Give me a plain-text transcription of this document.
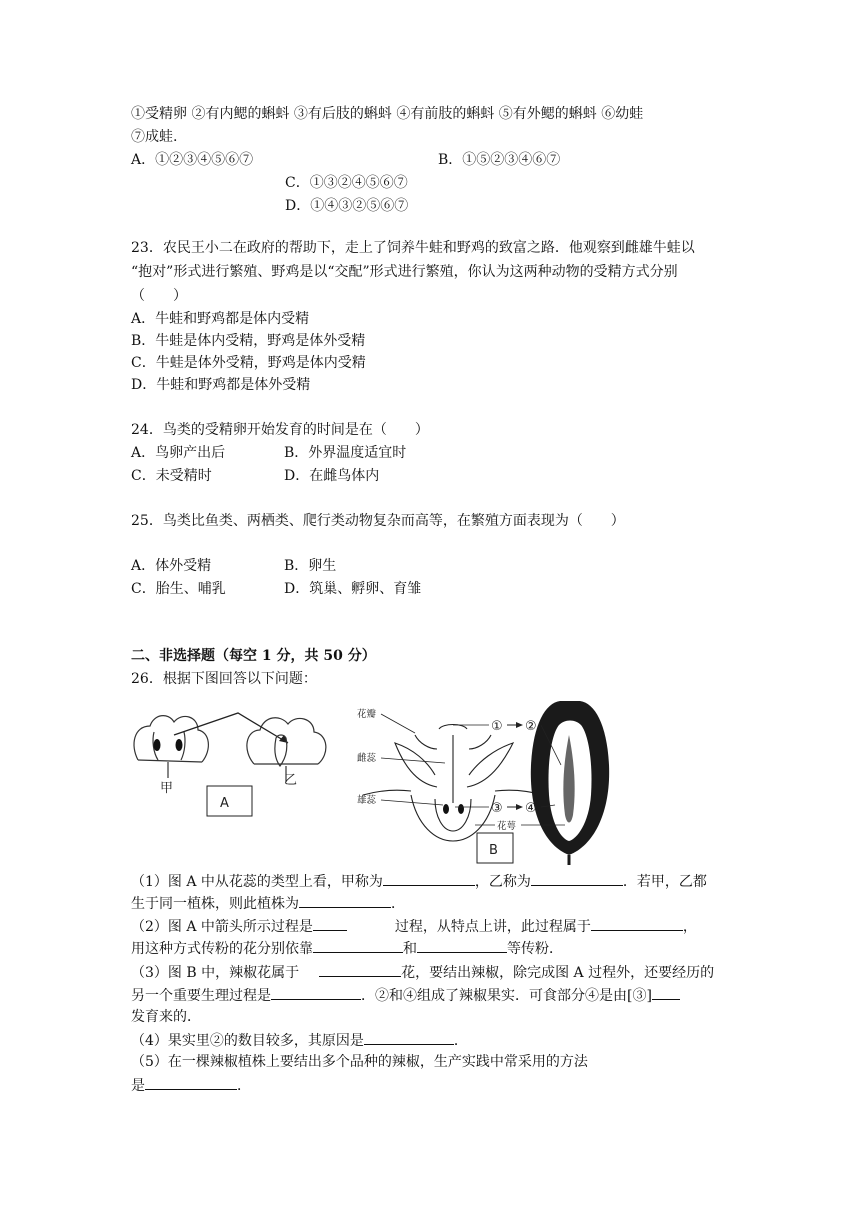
①受精卵 ②有内鳃的蝌蚪 ③有后肢的蝌蚪 ④有前肢的蝌蚪 ⑤有外鳃的蝌蚪 ⑥幼蛙
⑦成蛙.
A．①②③④⑤⑥⑦	B．①⑤②③④⑥⑦
C．①③②④⑤⑥⑦
D．①④③②⑤⑥⑦
23．农民王小二在政府的帮助下，走上了饲养牛蛙和野鸡的致富之路．他观察到雌雄牛蛙以
“抱对”形式进行繁殖、野鸡是以“交配”形式进行繁殖，你认为这两种动物的受精方式分别
（　　）
A．牛蛙和野鸡都是体内受精
B．牛蛙是体内受精，野鸡是体外受精
C．牛蛙是体外受精，野鸡是体内受精
D．牛蛙和野鸡都是体外受精
24．鸟类的受精卵开始发育的时间是在（　　）
A．鸟卵产出后	B．外界温度适宜时
C．未受精时	D．在雌鸟体内
25．鸟类比鱼类、两栖类、爬行类动物复杂而高等，在繁殖方面表现为（　　）
A．体外受精	B．卵生
C．胎生、哺乳	D．筑巢、孵卵、育雏
二、非选择题（每空 1 分，共 50 分）
26．根据下图回答以下问题：
甲
乙
A
花瓣
雌蕊
雄蕊
① ②
③ ④
花萼
B
（1）图 A 中从花蕊的类型上看，甲称为	，乙称为	．若甲，乙都
生于同一植株，则此植株为	．
（2）图 A 中箭头所示过程是	过程，从特点上讲，此过程属于	，
用这种方式传粉的花分别依靠	和	等传粉．
（3）图 B 中，辣椒花属于	花，要结出辣椒，除完成图 A 过程外，还要经历的
另一个重要生理过程是	．②和④组成了辣椒果实．可食部分④是由[③]
发育来的．
（4）果实里②的数目较多，其原因是	．
（5）在一棵辣椒植株上要结出多个品种的辣椒，生产实践中常采用的方法
是	．
